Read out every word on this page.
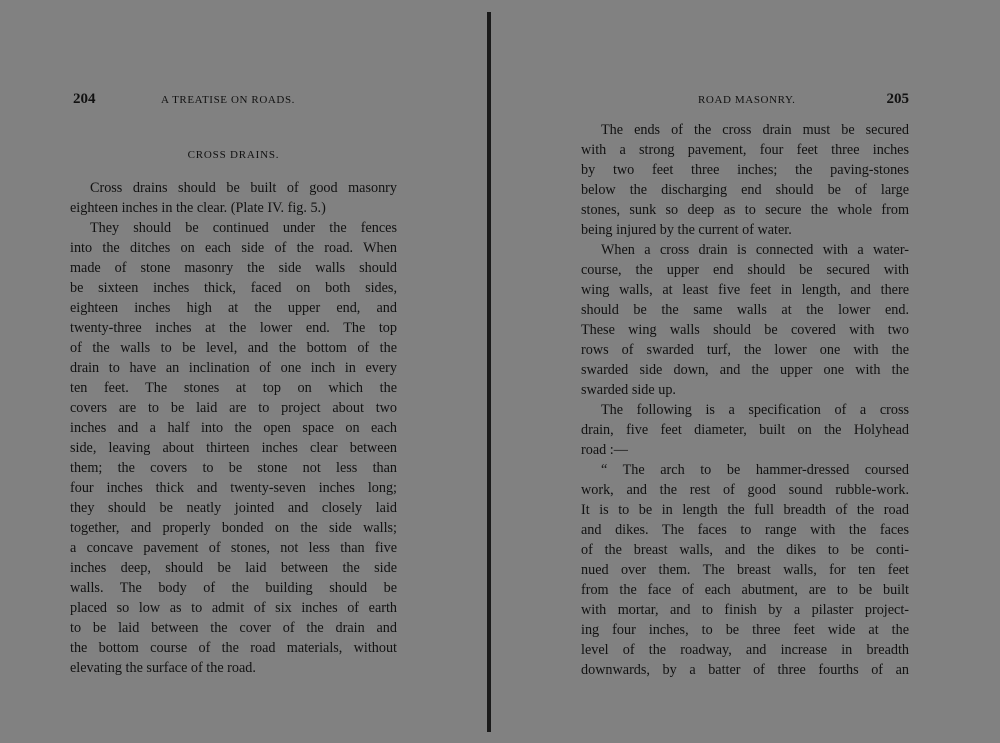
204	A TREATISE ON ROADS.
CROSS DRAINS.
Cross drains should be built of good masonry
eighteen inches in the clear. (Plate IV. fig. 5.)
They should be continued under the fences
into the ditches on each side of the road. When
made of stone masonry the side walls should
be sixteen inches thick, faced on both sides,
eighteen inches high at the upper end, and
twenty-three inches at the lower end. The top
of the walls to be level, and the bottom of the
drain to have an inclination of one inch in every
ten feet. The stones at top on which the
covers are to be laid are to project about two
inches and a half into the open space on each
side, leaving about thirteen inches clear between
them; the covers to be stone not less than
four inches thick and twenty-seven inches long;
they should be neatly jointed and closely laid
together, and properly bonded on the side walls;
a concave pavement of stones, not less than five
inches deep, should be laid between the side
walls. The body of the building should be
placed so low as to admit of six inches of earth
to be laid between the cover of the drain and
the bottom course of the road materials, without
elevating the surface of the road.
ROAD MASONRY.	205
The ends of the cross drain must be secured
with a strong pavement, four feet three inches
by two feet three inches; the paving-stones
below the discharging end should be of large
stones, sunk so deep as to secure the whole from
being injured by the current of water.
When a cross drain is connected with a water-
course, the upper end should be secured with
wing walls, at least five feet in length, and there
should be the same walls at the lower end.
These wing walls should be covered with two
rows of swarded turf, the lower one with the
swarded side down, and the upper one with the
swarded side up.
The following is a specification of a cross
drain, five feet diameter, built on the Holyhead
road :—
“ The arch to be hammer-dressed coursed
work, and the rest of good sound rubble-work.
It is to be in length the full breadth of the road
and dikes. The faces to range with the faces
of the breast walls, and the dikes to be conti-
nued over them. The breast walls, for ten feet
from the face of each abutment, are to be built
with mortar, and to finish by a pilaster project-
ing four inches, to be three feet wide at the
level of the roadway, and increase in breadth
downwards, by a batter of three fourths of an
